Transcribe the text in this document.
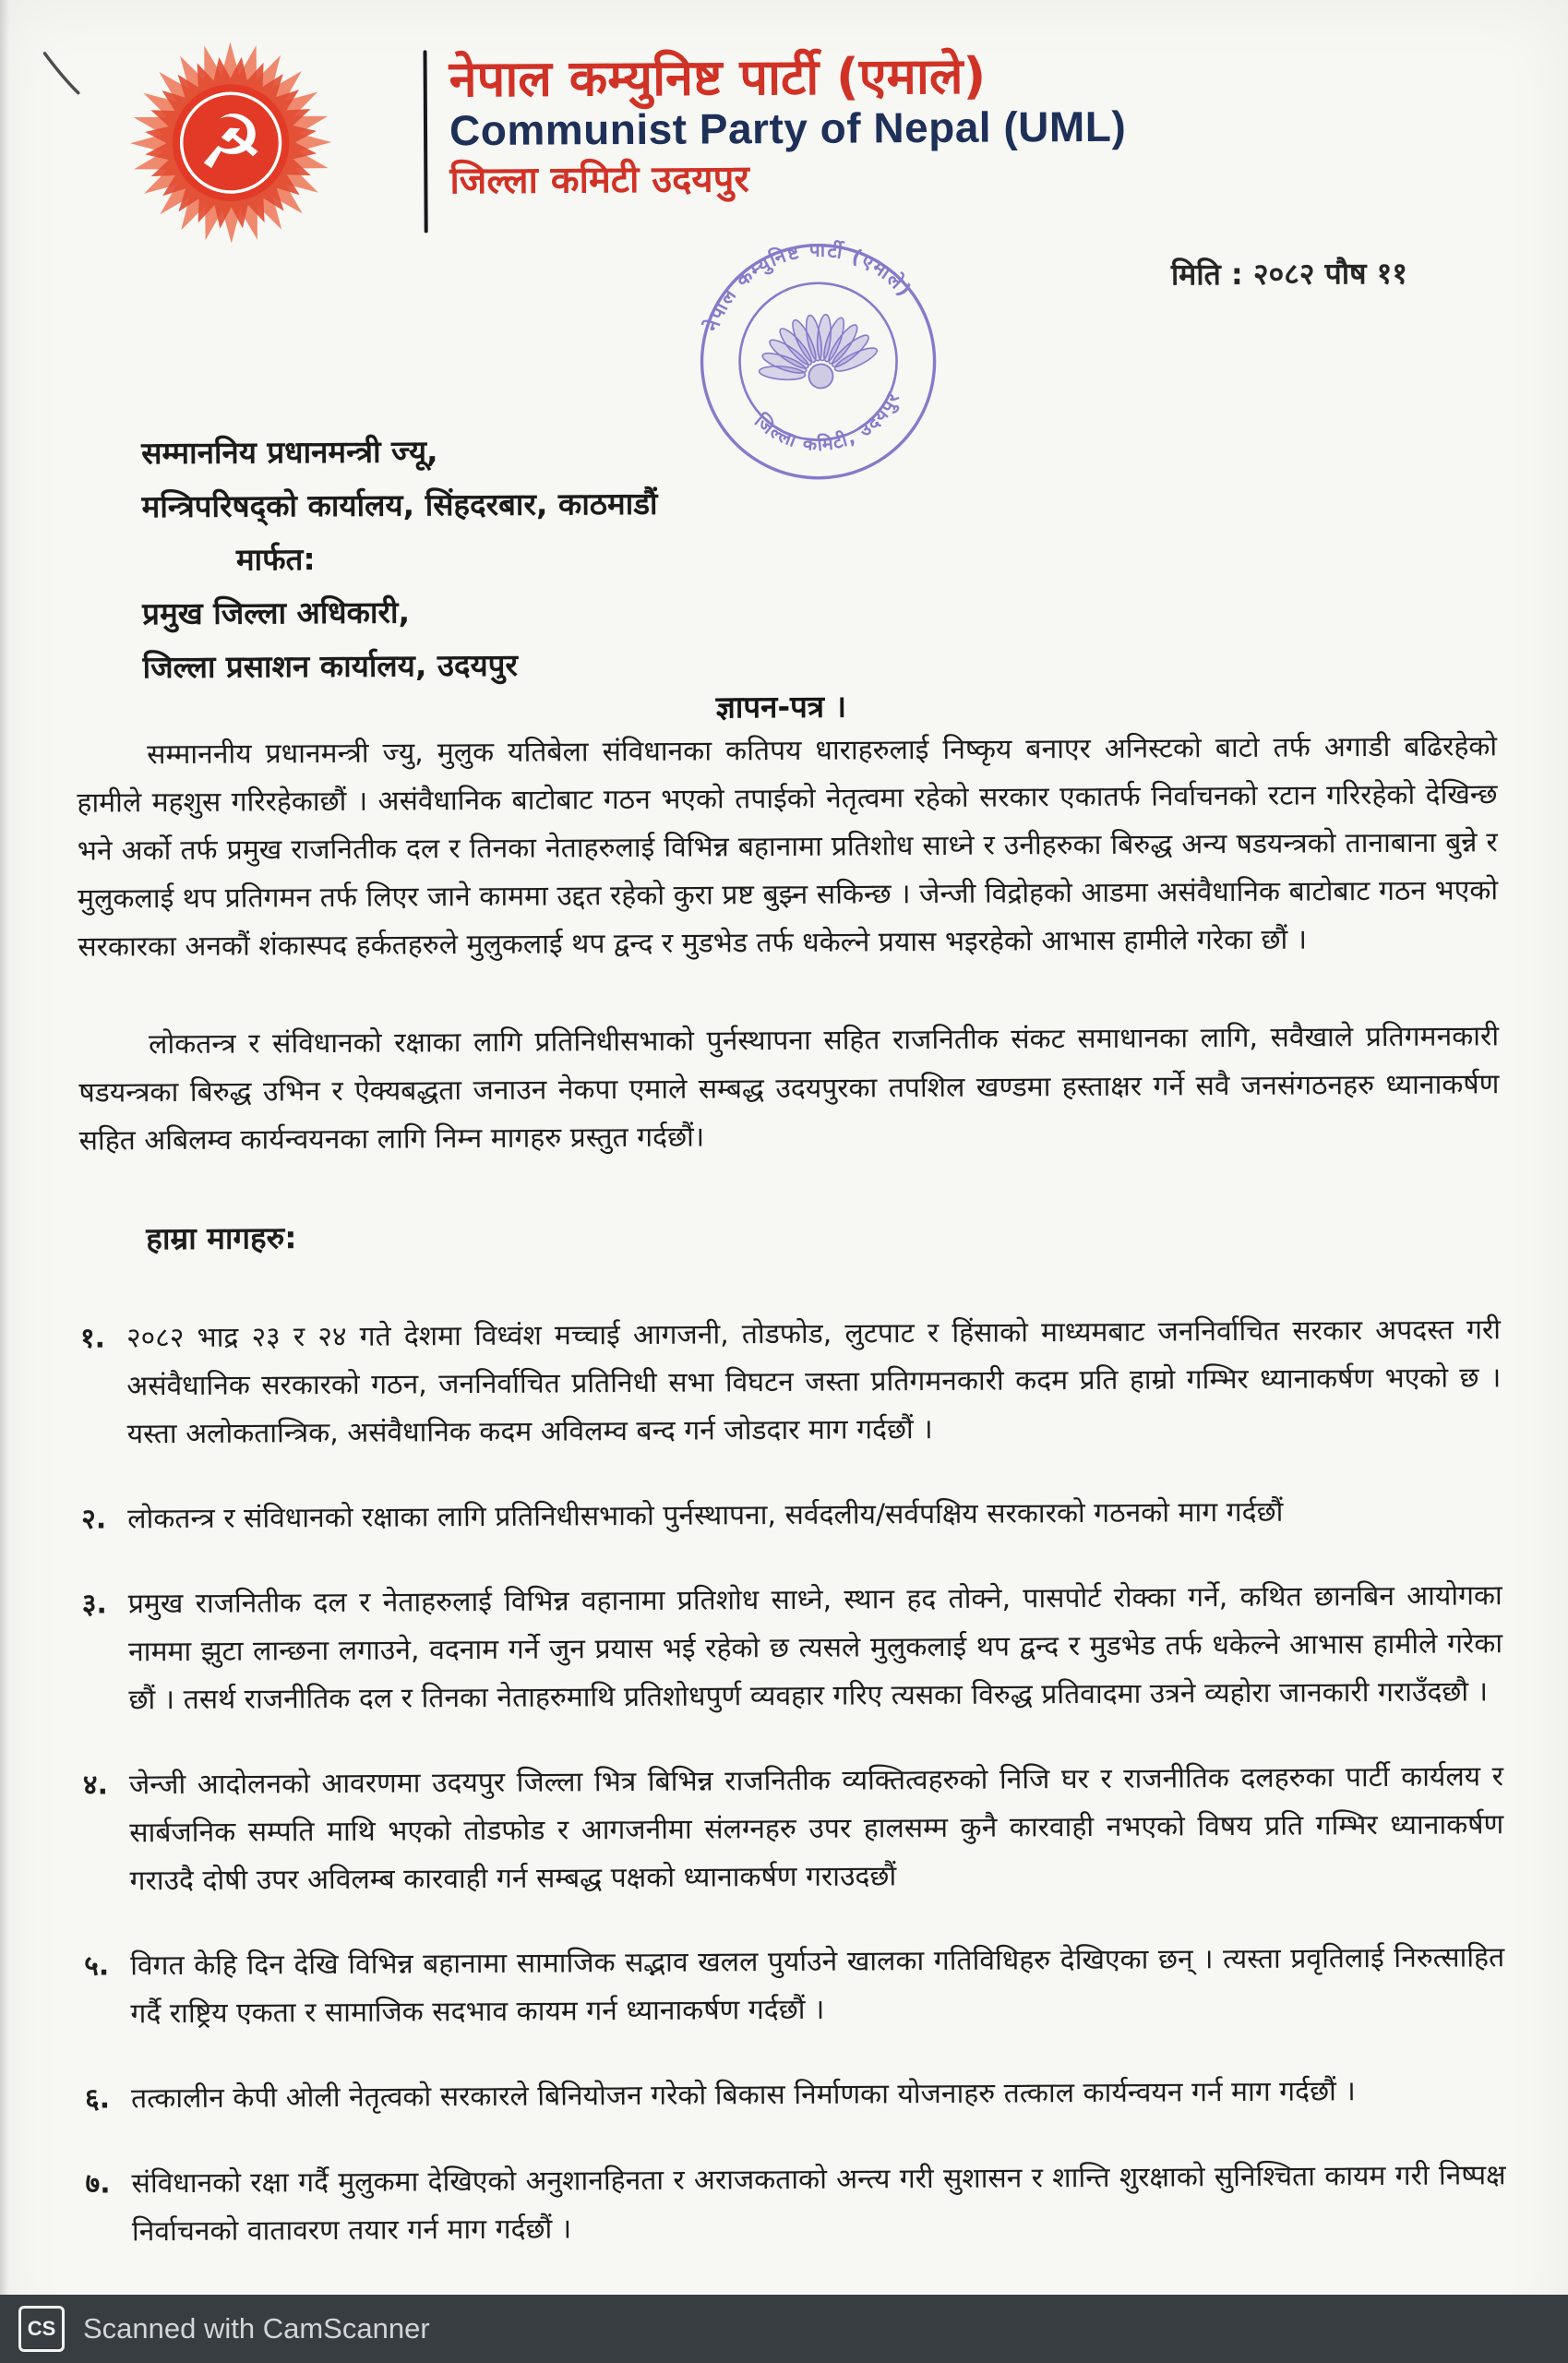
☭
नेपाल कम्युनिष्ट पार्टी (एमाले)
Communist Party of Nepal (UML)
जिल्ला कमिटी उदयपुर
मिति : २०८२ पौष ११
नेपाल कम्युनिष्ट पार्टी (एमाले)
जिल्ला कमिटी, उदयपुर
सम्माननिय प्रधानमन्त्री ज्यू,
मन्त्रिपरिषद्को कार्यालय, सिंहदरबार, काठमाडौं
मार्फत:
प्रमुख जिल्ला अधिकारी,
जिल्ला प्रसाशन कार्यालय, उदयपुर
ज्ञापन-पत्र ।

सम्माननीय प्रधानमन्त्री ज्यु, मुलुक यतिबेला संविधानका कतिपय धाराहरुलाई निष्कृय बनाएर अनिस्टको बाटो तर्फ अगाडी बढिरहेको हामीले महशुस गरिरहेकाछौं । असंवैधानिक बाटोबाट गठन भएको तपाईको नेतृत्वमा रहेको सरकार एकातर्फ निर्वाचनको रटान गरिरहेको देखिन्छ भने अर्को तर्फ प्रमुख राजनितीक दल र तिनका नेताहरुलाई विभिन्न बहानामा प्रतिशोध साध्ने र उनीहरुका बिरुद्ध अन्य षडयन्त्रको तानाबाना बुन्ने र मुलुकलाई थप प्रतिगमन तर्फ लिएर जाने काममा उद्दत रहेको कुरा प्रष्ट बुझ्न सकिन्छ । जेन्जी विद्रोहको आडमा असंवैधानिक बाटोबाट गठन भएको सरकारका अनकौं शंकास्पद हर्कतहरुले मुलुकलाई थप द्वन्द र मुडभेड तर्फ धकेल्ने प्रयास भइरहेको आभास हामीले गरेका छौं ।

लोकतन्त्र र संविधानको रक्षाका लागि प्रतिनिधीसभाको पुर्नस्थापना सहित राजनितीक संकट समाधानका लागि, सवैखाले प्रतिगमनकारी षडयन्त्रका बिरुद्ध उभिन र ऐक्यबद्धता जनाउन नेकपा एमाले सम्बद्ध उदयपुरका तपशिल खण्डमा हस्ताक्षर गर्ने सवै जनसंगठनहरु ध्यानाकर्षण सहित अबिलम्व कार्यन्वयनका लागि निम्न मागहरु प्रस्तुत गर्दछौं।

हाम्रा मागहरु:
१. २०८२ भाद्र २३ र २४ गते देशमा विध्वंश मच्चाई आगजनी, तोडफोड, लुटपाट र हिंसाको माध्यमबाट जननिर्वाचित सरकार अपदस्त गरी असंवैधानिक सरकारको गठन, जननिर्वाचित प्रतिनिधी सभा विघटन जस्ता प्रतिगमनकारी कदम प्रति हाम्रो गम्भिर ध्यानाकर्षण भएको छ । यस्ता अलोकतान्त्रिक, असंवैधानिक कदम अविलम्व बन्द गर्न जोडदार माग गर्दछौं ।
२. लोकतन्त्र र संविधानको रक्षाका लागि प्रतिनिधीसभाको पुर्नस्थापना, सर्वदलीय/सर्वपक्षिय सरकारको गठनको माग गर्दछौं
३. प्रमुख राजनितीक दल र नेताहरुलाई विभिन्न वहानामा प्रतिशोध साध्ने, स्थान हद तोक्ने, पासपोर्ट रोक्का गर्ने, कथित छानबिन आयोगका नाममा झुटा लान्छना लगाउने, वदनाम गर्ने जुन प्रयास भई रहेको छ त्यसले मुलुकलाई थप द्वन्द र मुडभेड तर्फ धकेल्ने आभास हामीले गरेका छौं । तसर्थ राजनीतिक दल र तिनका नेताहरुमाथि प्रतिशोधपुर्ण व्यवहार गरिए त्यसका विरुद्ध प्रतिवादमा उत्रने व्यहोरा जानकारी गराउँदछौ ।
४. जेन्जी आदोलनको आवरणमा उदयपुर जिल्ला भित्र बिभिन्न राजनितीक व्यक्तित्वहरुको निजि घर र राजनीतिक दलहरुका पार्टी कार्यलय र सार्बजनिक सम्पति माथि भएको तोडफोड र आगजनीमा संलग्नहरु उपर हालसम्म कुनै कारवाही नभएको विषय प्रति गम्भिर ध्यानाकर्षण गराउदै दोषी उपर अविलम्ब कारवाही गर्न सम्बद्ध पक्षको ध्यानाकर्षण गराउदछौं
५. विगत केहि दिन देखि विभिन्न बहानामा सामाजिक सद्भाव खलल पुर्याउने खालका गतिविधिहरु देखिएका छन् । त्यस्ता प्रवृतिलाई निरुत्साहित गर्दै राष्ट्रिय एकता र सामाजिक सदभाव कायम गर्न ध्यानाकर्षण गर्दछौं ।
६. तत्कालीन केपी ओली नेतृत्वको सरकारले बिनियोजन गरेको बिकास निर्माणका योजनाहरु तत्काल कार्यन्वयन गर्न माग गर्दछौं ।
७. संविधानको रक्षा गर्दै मुलुकमा देखिएको अनुशानहिनता र अराजकताको अन्त्य गरी सुशासन र शान्ति शुरक्षाको सुनिश्चिता कायम गरी निष्पक्ष निर्वाचनको वातावरण तयार गर्न माग गर्दछौं ।
CS Scanned with CamScanner
